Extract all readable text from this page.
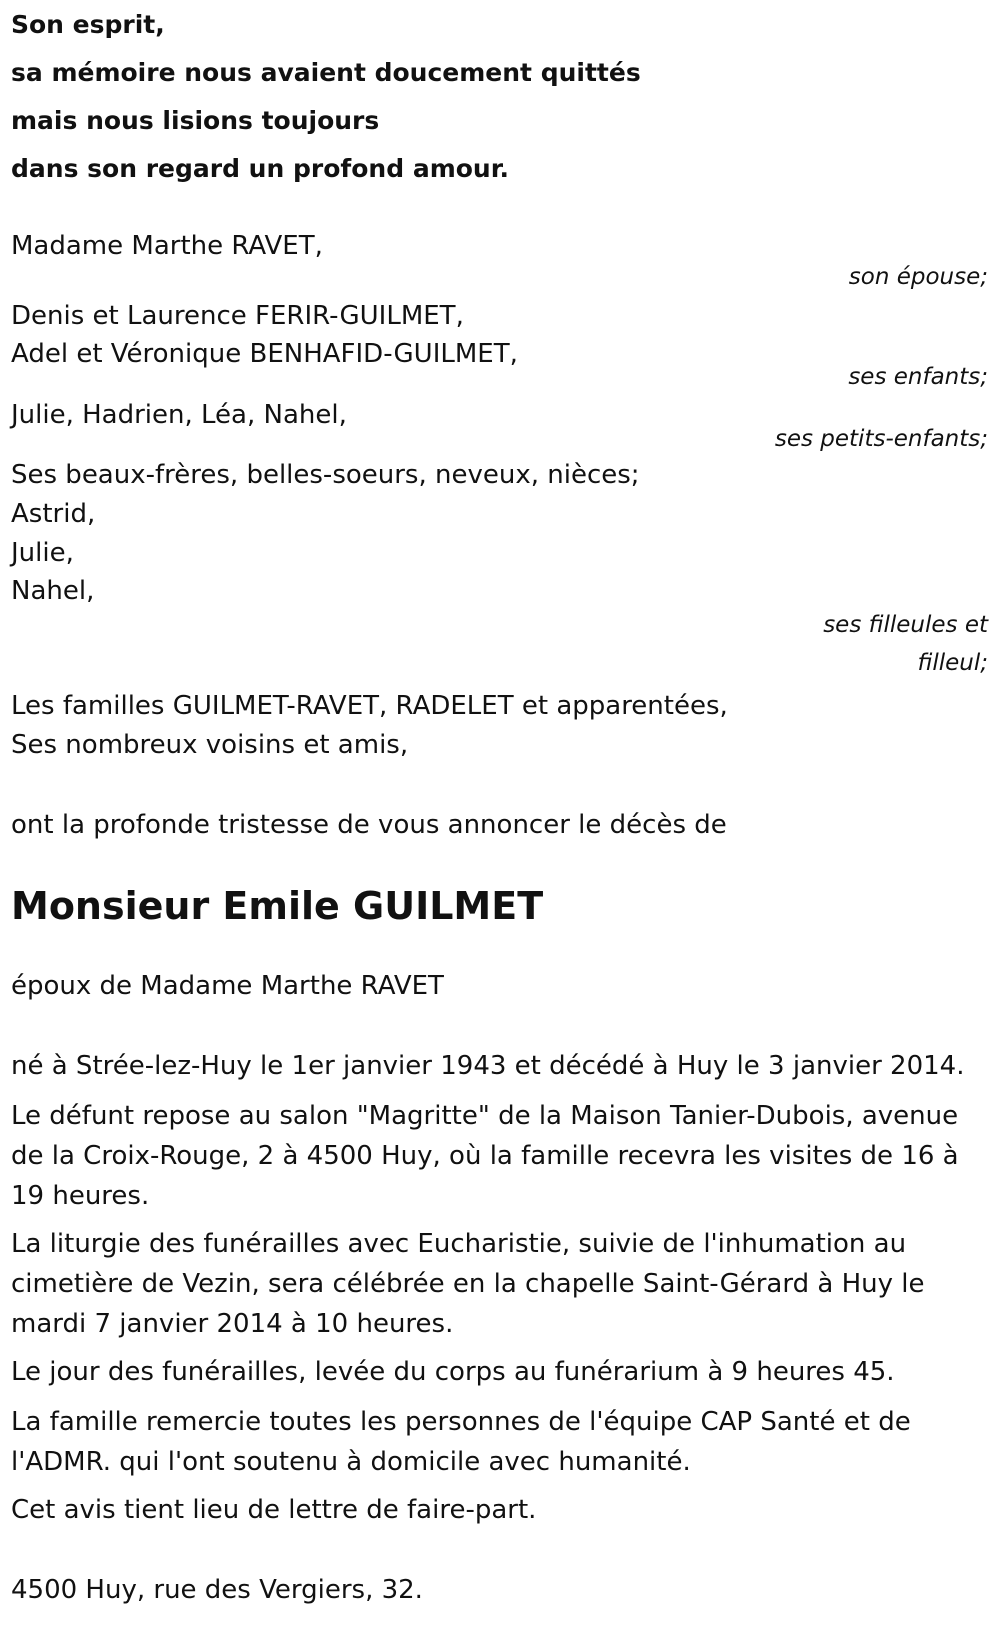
Son esprit,
sa mémoire nous avaient doucement quittés
mais nous lisions toujours
dans son regard un profond amour.
Madame Marthe RAVET,
son épouse;
Denis et Laurence FERIR-GUILMET,
Adel et Véronique BENHAFID-GUILMET,
ses enfants;
Julie, Hadrien, Léa, Nahel,
ses petits-enfants;
Ses beaux-frères, belles-soeurs, neveux, nièces;
Astrid,
Julie,
Nahel,
ses filleules et
filleul;
Les familles GUILMET-RAVET, RADELET et apparentées,
Ses nombreux voisins et amis,
ont la profonde tristesse de vous annoncer le décès de
Monsieur Emile GUILMET
époux de Madame Marthe RAVET
né à Strée-lez-Huy le 1er janvier 1943 et décédé à Huy le 3 janvier 2014.
Le défunt repose au salon "Magritte" de la Maison Tanier-Dubois, avenue de la Croix-Rouge, 2 à 4500 Huy, où la famille recevra les visites de 16 à 19 heures.
La liturgie des funérailles avec Eucharistie, suivie de l'inhumation au cimetière de Vezin, sera célébrée en la chapelle Saint-Gérard à Huy le mardi 7 janvier 2014 à 10 heures.
Le jour des funérailles, levée du corps au funérarium à 9 heures 45.
La famille remercie toutes les personnes de l'équipe CAP Santé et de l'ADMR. qui l'ont soutenu à domicile avec humanité.
Cet avis tient lieu de lettre de faire-part.
4500 Huy, rue des Vergiers, 32.
